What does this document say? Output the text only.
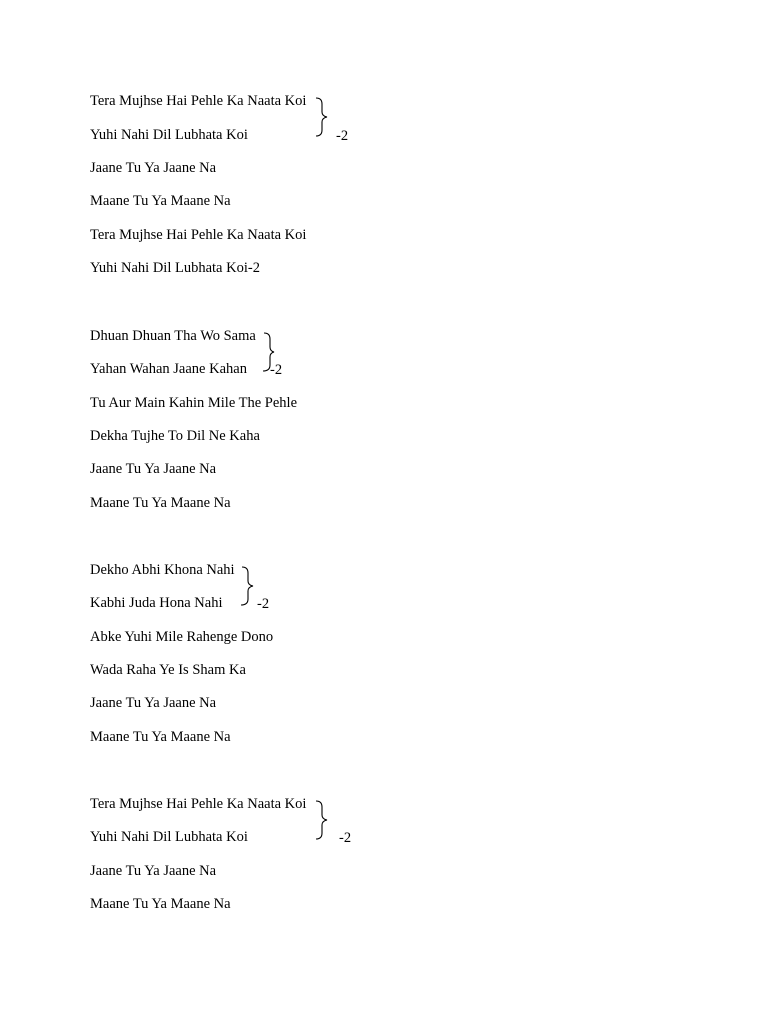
Tera Mujhse Hai Pehle Ka Naata Koi
Yuhi Nahi Dil Lubhata Koi	-2
Jaane Tu Ya Jaane Na
Maane Tu Ya Maane Na
Tera Mujhse Hai Pehle Ka Naata Koi
Yuhi Nahi Dil Lubhata Koi-2
Dhuan Dhuan Tha Wo Sama
Yahan Wahan Jaane Kahan -2
Tu Aur Main Kahin Mile The Pehle
Dekha Tujhe To Dil Ne Kaha
Jaane Tu Ya Jaane Na
Maane Tu Ya Maane Na
Dekho Abhi Khona Nahi
Kabhi Juda Hona Nahi -2
Abke Yuhi Mile Rahenge Dono
Wada Raha Ye Is Sham Ka
Jaane Tu Ya Jaane Na
Maane Tu Ya Maane Na
Tera Mujhse Hai Pehle Ka Naata Koi
Yuhi Nahi Dil Lubhata Koi	-2
Jaane Tu Ya Jaane Na
Maane Tu Ya Maane Na
